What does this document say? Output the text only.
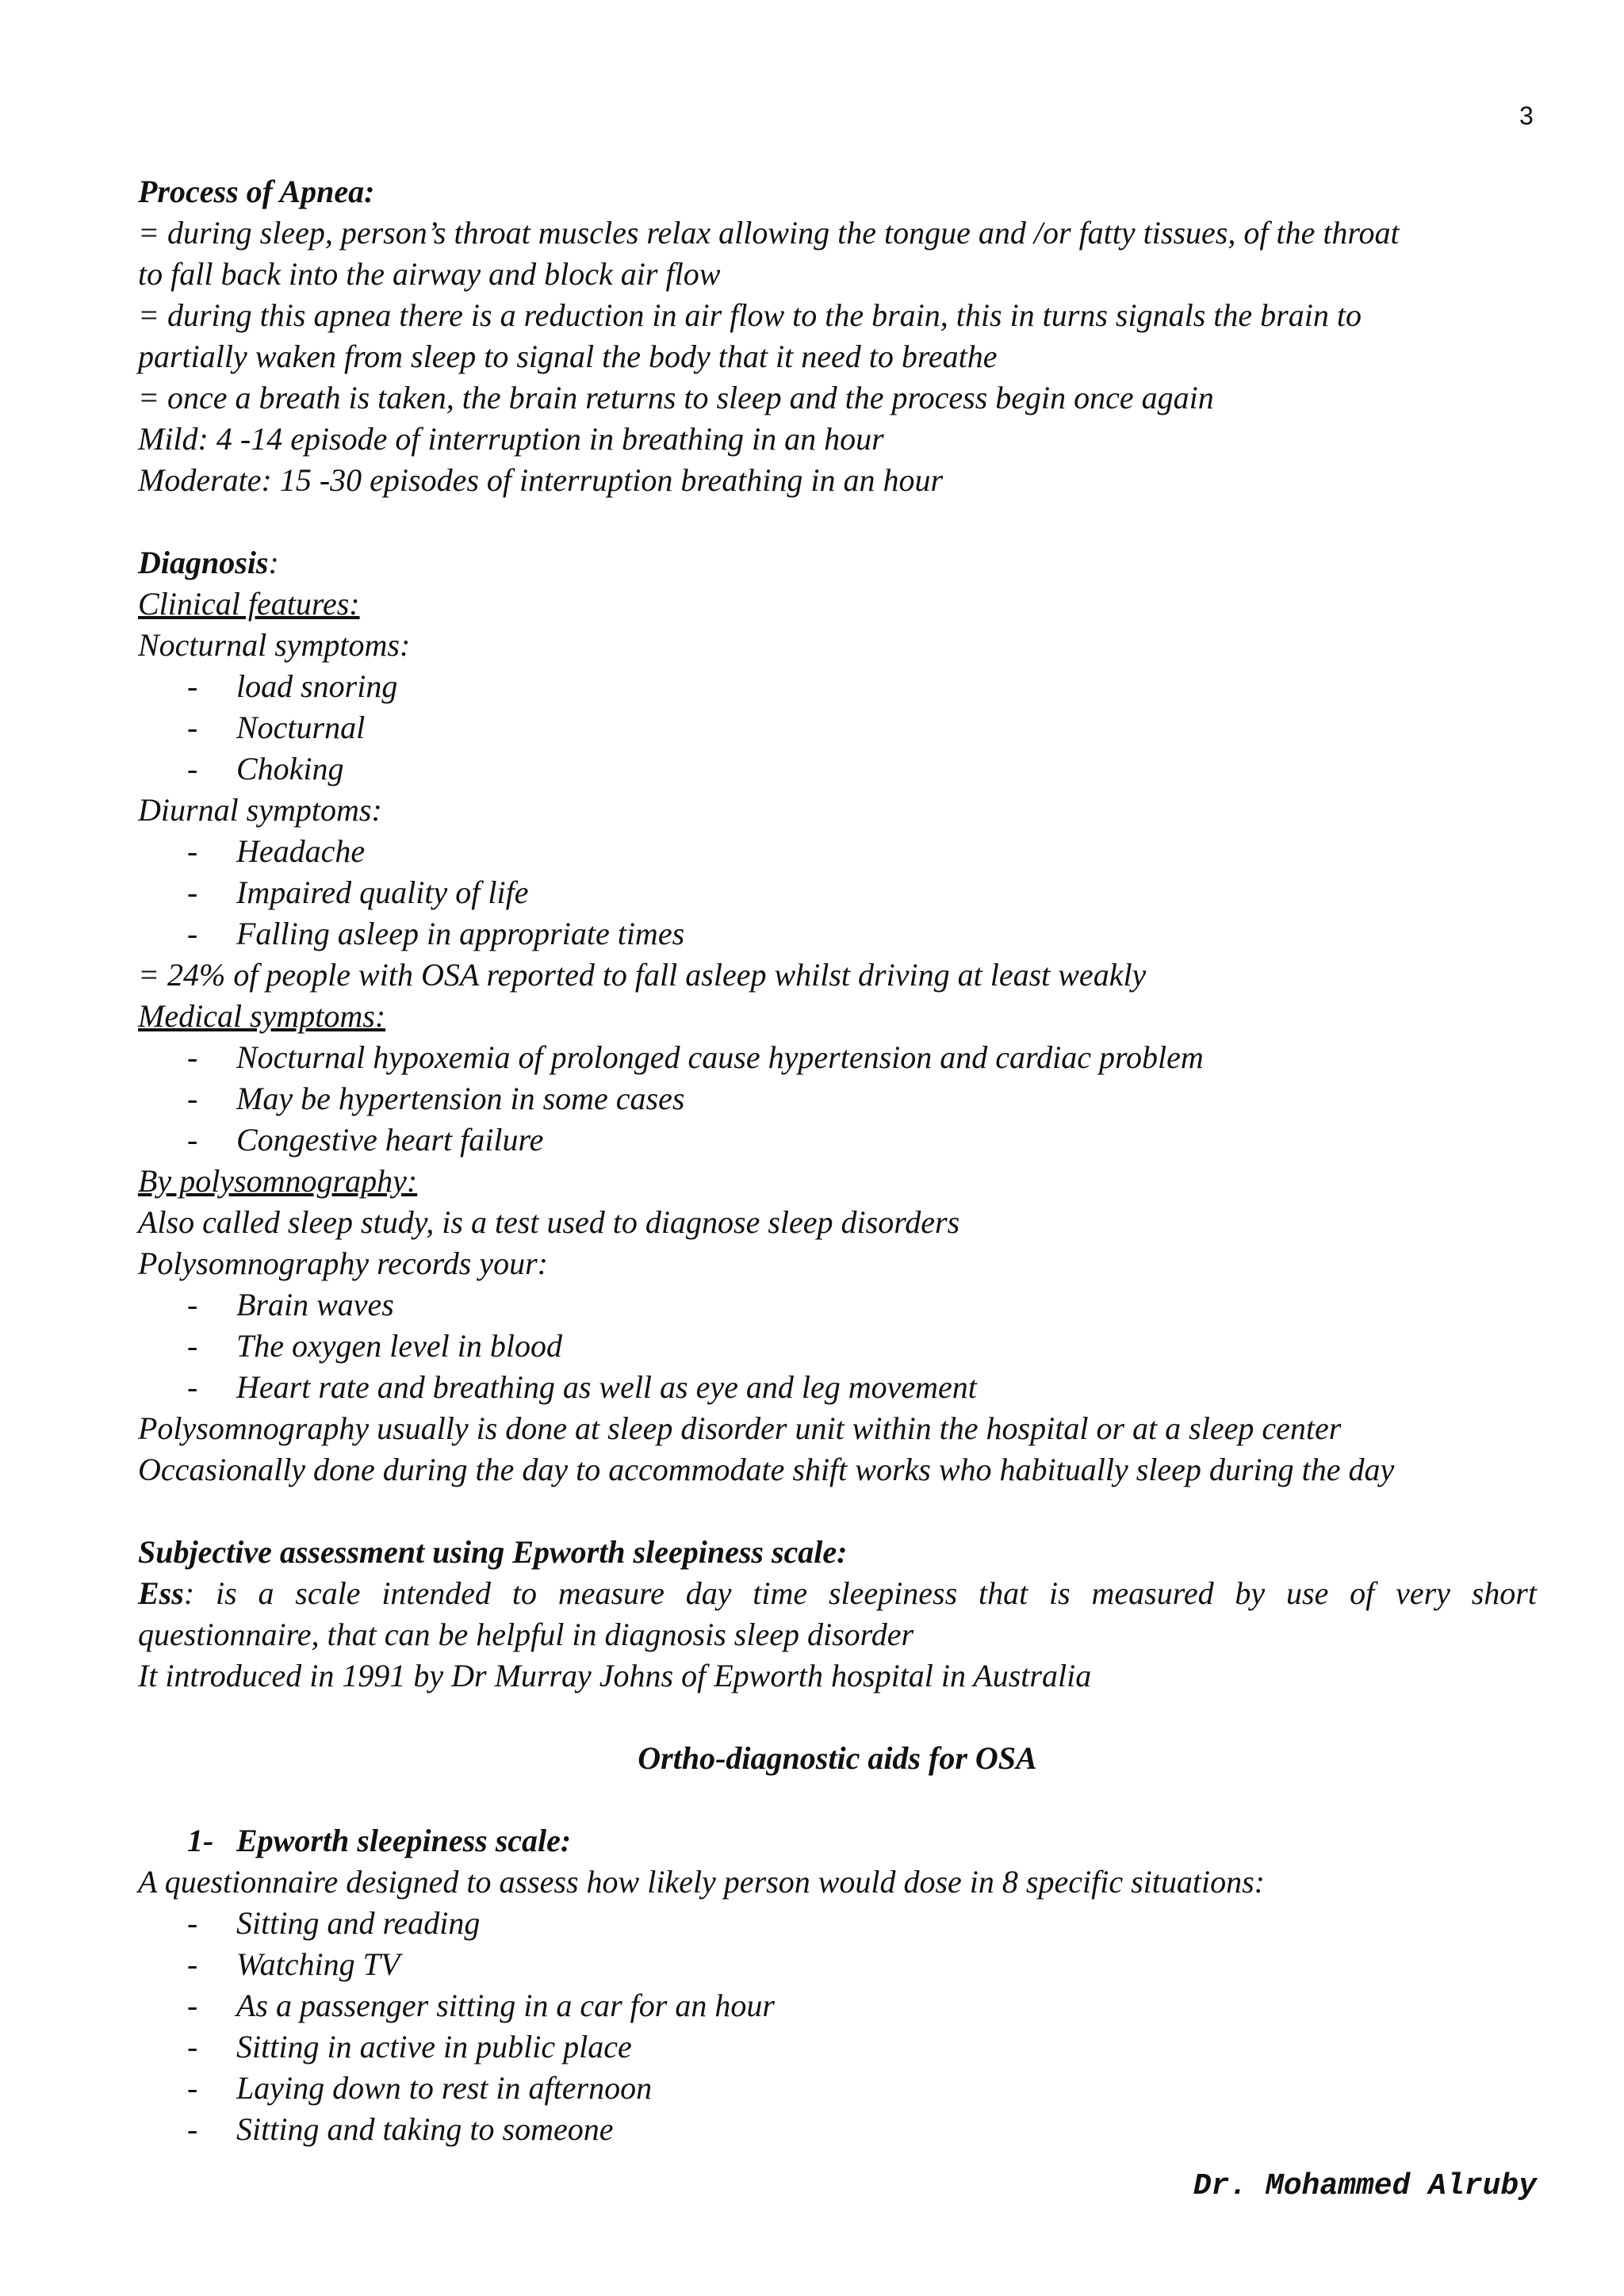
3
Process of Apnea:
= during sleep, person’s throat muscles relax allowing the tongue and /or fatty tissues, of the throat
to fall back into the airway and block air flow
= during this apnea there is a reduction in air flow to the brain, this in turns signals the brain to
partially waken from sleep to signal the body that it need to breathe
= once a breath is taken, the brain returns to sleep and the process begin once again
Mild: 4 -14 episode of interruption in breathing in an hour
Moderate: 15 -30 episodes of interruption breathing in an hour
Diagnosis:
Clinical features:
Nocturnal symptoms:
- load snoring
- Nocturnal
- Choking
Diurnal symptoms:
- Headache
- Impaired quality of life
- Falling asleep in appropriate times
= 24% of people with OSA reported to fall asleep whilst driving at least weakly
Medical symptoms:
- Nocturnal hypoxemia of prolonged cause hypertension and cardiac problem
- May be hypertension in some cases
- Congestive heart failure
By polysomnography:
Also called sleep study, is a test used to diagnose sleep disorders
Polysomnography records your:
- Brain waves
- The oxygen level in blood
- Heart rate and breathing as well as eye and leg movement
Polysomnography usually is done at sleep disorder unit within the hospital or at a sleep center
Occasionally done during the day to accommodate shift works who habitually sleep during the day
Subjective assessment using Epworth sleepiness scale:
Ess: is a scale intended to measure day time sleepiness that is measured by use of very short
questionnaire, that can be helpful in diagnosis sleep disorder
It introduced in 1991 by Dr Murray Johns of Epworth hospital in Australia
Ortho-diagnostic aids for OSA
1- Epworth sleepiness scale:
A questionnaire designed to assess how likely person would dose in 8 specific situations:
- Sitting and reading
- Watching TV
- As a passenger sitting in a car for an hour
- Sitting in active in public place
- Laying down to rest in afternoon
- Sitting and taking to someone
Dr. Mohammed Alruby
